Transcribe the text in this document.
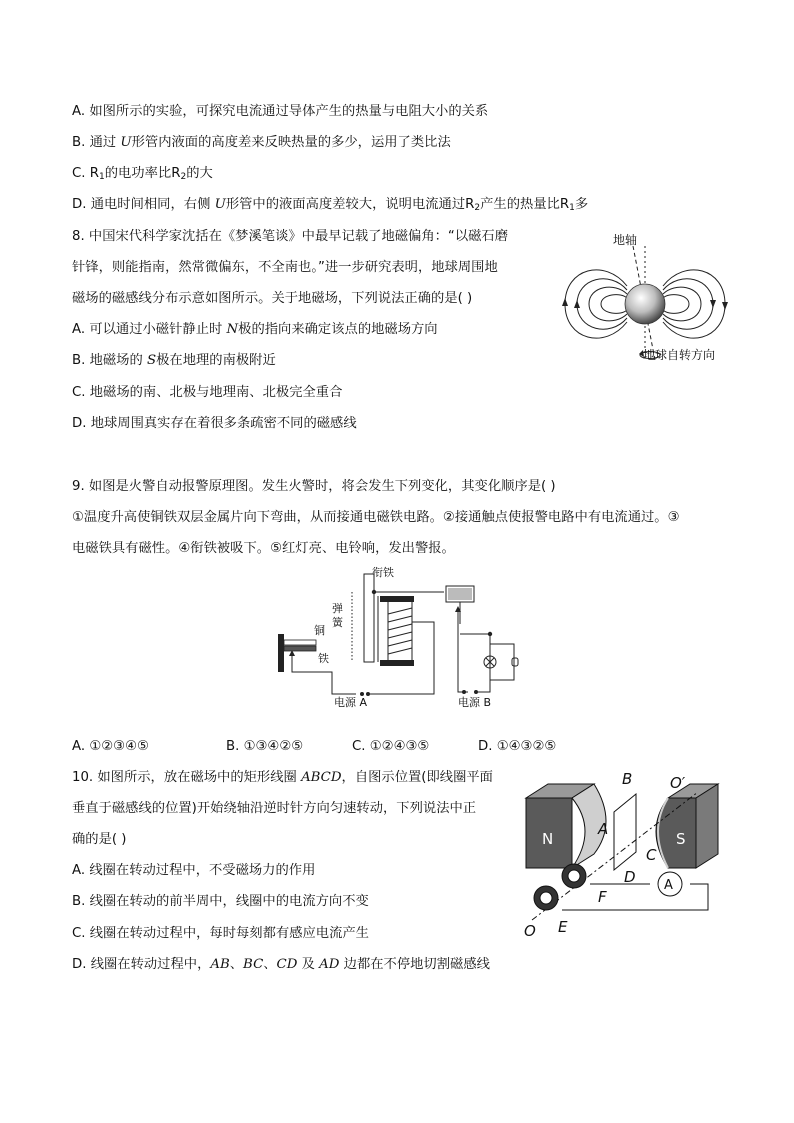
A. 如图所示的实验，可探究电流通过导体产生的热量与电阻大小的关系
B. 通过 U形管内液面的高度差来反映热量的多少，运用了类比法
C. $R_1$的电功率比$R_2$的大
D. 通电时间相同，右侧 U形管中的液面高度差较大，说明电流通过$R_2$产生的热量比$R_1$多
8. 中国宋代科学家沈括在《梦溪笔谈》中最早记载了地磁偏角：“以磁石磨
针锋，则能指南，然常微偏东，不全南也。”进一步研究表明，地球周围地
磁场的磁感线分布示意如图所示。关于地磁场，下列说法正确的是( )
A. 可以通过小磁针静止时 N极的指向来确定该点的地磁场方向
B. 地磁场的 S极在地理的南极附近
C. 地磁场的南、北极与地理南、北极完全重合
D. 地球周围真实存在着很多条疏密不同的磁感线
地轴
地球自转方向
9. 如图是火警自动报警原理图。发生火警时，将会发生下列变化，其变化顺序是( )
①温度升高使铜铁双层金属片向下弯曲，从而接通电磁铁电路。②接通触点使报警电路中有电流通过。③
电磁铁具有磁性。④衔铁被吸下。⑤红灯亮、电铃响，发出警报。
衔铁
弹
簧
铜
铁
电源 A	电源 B
A. ①②③④⑤	B. ①③④②⑤	C. ①②④③⑤	D. ①④③②⑤
10. 如图所示，放在磁场中的矩形线圈 ABCD，自图示位置(即线圈平面
垂直于磁感线的位置)开始绕轴沿逆时针方向匀速转动，下列说法中正
确的是( )
A. 线圈在转动过程中，不受磁场力的作用
B. 线圈在转动的前半周中，线圈中的电流方向不变
C. 线圈在转动过程中，每时每刻都有感应电流产生
D. 线圈在转动过程中，AB、BC、CD 及 AD 边都在不停地切割磁感线
A
N	S
A
B
C
D
E
F
O
O′
